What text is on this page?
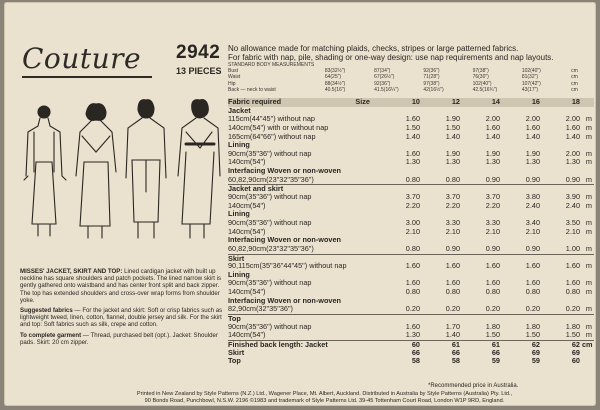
Couture 2942
13 PIECES
No allowance made for matching plaids, checks, stripes or large patterned fabrics.
For fabric with nap, pile, shading or one-way design: use nap requirements and nap layouts.
STANDARD BODY MEASUREMENTS
Bust	83(32½")	87(34")	92(36")	97(38")	102(40")	cm
Waist	64(25")	67(26½")	71(28")	76(30")	81(32")	cm
Hip	88(34½")	92(36")	97(38")	102(40")	107(42")	cm
Back — neck to waist	40.5(16")	41.5(16¼")	42(16½")	42.5(16¾")	43(17")	cm

MISSES' JACKET, SKIRT AND TOP: Lined cardigan jacket with built up neckline has square shoulders and patch pockets. The lined narrow skirt is gently gathered onto waistband and has center front split and back zipper. The top has extended shoulders and cross-over wrap forms from shoulder yoke.

Suggested fabrics — For the jacket and skirt: Soft or crisp fabrics such as lightweight tweed, linen, cotton, flannel, double jersey and silk. For the skirt and top: Soft fabrics such as silk, crepe and cotton.

To complete garment — Thread, purchased belt (opt.). Jacket: Shoulder pads. Skirt: 20 cm zipper.

Fabric required	Size	10	12	14	16	18
Jacket
115cm(44"45") without nap	1.60	1.90	2.00	2.00	2.00 m
140cm(54") with or without nap	1.50	1.50	1.60	1.60	1.60 m
165cm(64"66") without nap	1.40	1.40	1.40	1.40	1.40 m
Lining
90cm(35"36") without nap	1.60	1.90	1.90	1.90	2.00 m
140cm(54")	1.30	1.30	1.30	1.30	1.30 m
Interfacing Woven or non-woven
60,82,90cm(23"32"35"36")	0.80	0.80	0.90	0.90	0.90 m
Jacket and skirt
90cm(35"36") without nap	3.70	3.70	3.70	3.80	3.90 m
140cm(54")	2.20	2.20	2.20	2.40	2.40 m
Lining
90cm(35"36") without nap	3.00	3.30	3.30	3.40	3.50 m
140cm(54")	2.10	2.10	2.10	2.10	2.10 m
Interfacing Woven or non-woven
60,82,90cm(23"32"35"36")	0.80	0.90	0.90	0.90	1.00 m
Skirt
90,115cm(35"36"44"45") without nap	1.60	1.60	1.60	1.60	1.60 m
Lining
90cm(35"36") without nap	1.60	1.60	1.60	1.60	1.60 m
140cm(54")	0.80	0.80	0.80	0.80	0.80 m
Interfacing Woven or non-woven
82,90cm(32"35"36")	0.20	0.20	0.20	0.20	0.20 m
Top
90cm(35"36") without nap	1.60	1.70	1.80	1.80	1.80 m
140cm(54")	1.30	1.40	1.50	1.50	1.50 m
Finished back length: Jacket	60	61	61	62	62 cm
Skirt	66	66	66	69	69
Top	58	58	59	59	60
*Recommended price in Australia.
Printed in New Zealand by Style Patterns (N.Z.) Ltd., Wagener Place, Mt. Albert, Auckland. Distributed in Australia by Style Patterns (Australia) Pty. Ltd.,
90 Bonds Road, Punchbowl, N.S.W. 2196 ©1983 and trademark of Style Patterns Ltd. 39-45 Tottenham Court Road, London W1P 9RD, England.
